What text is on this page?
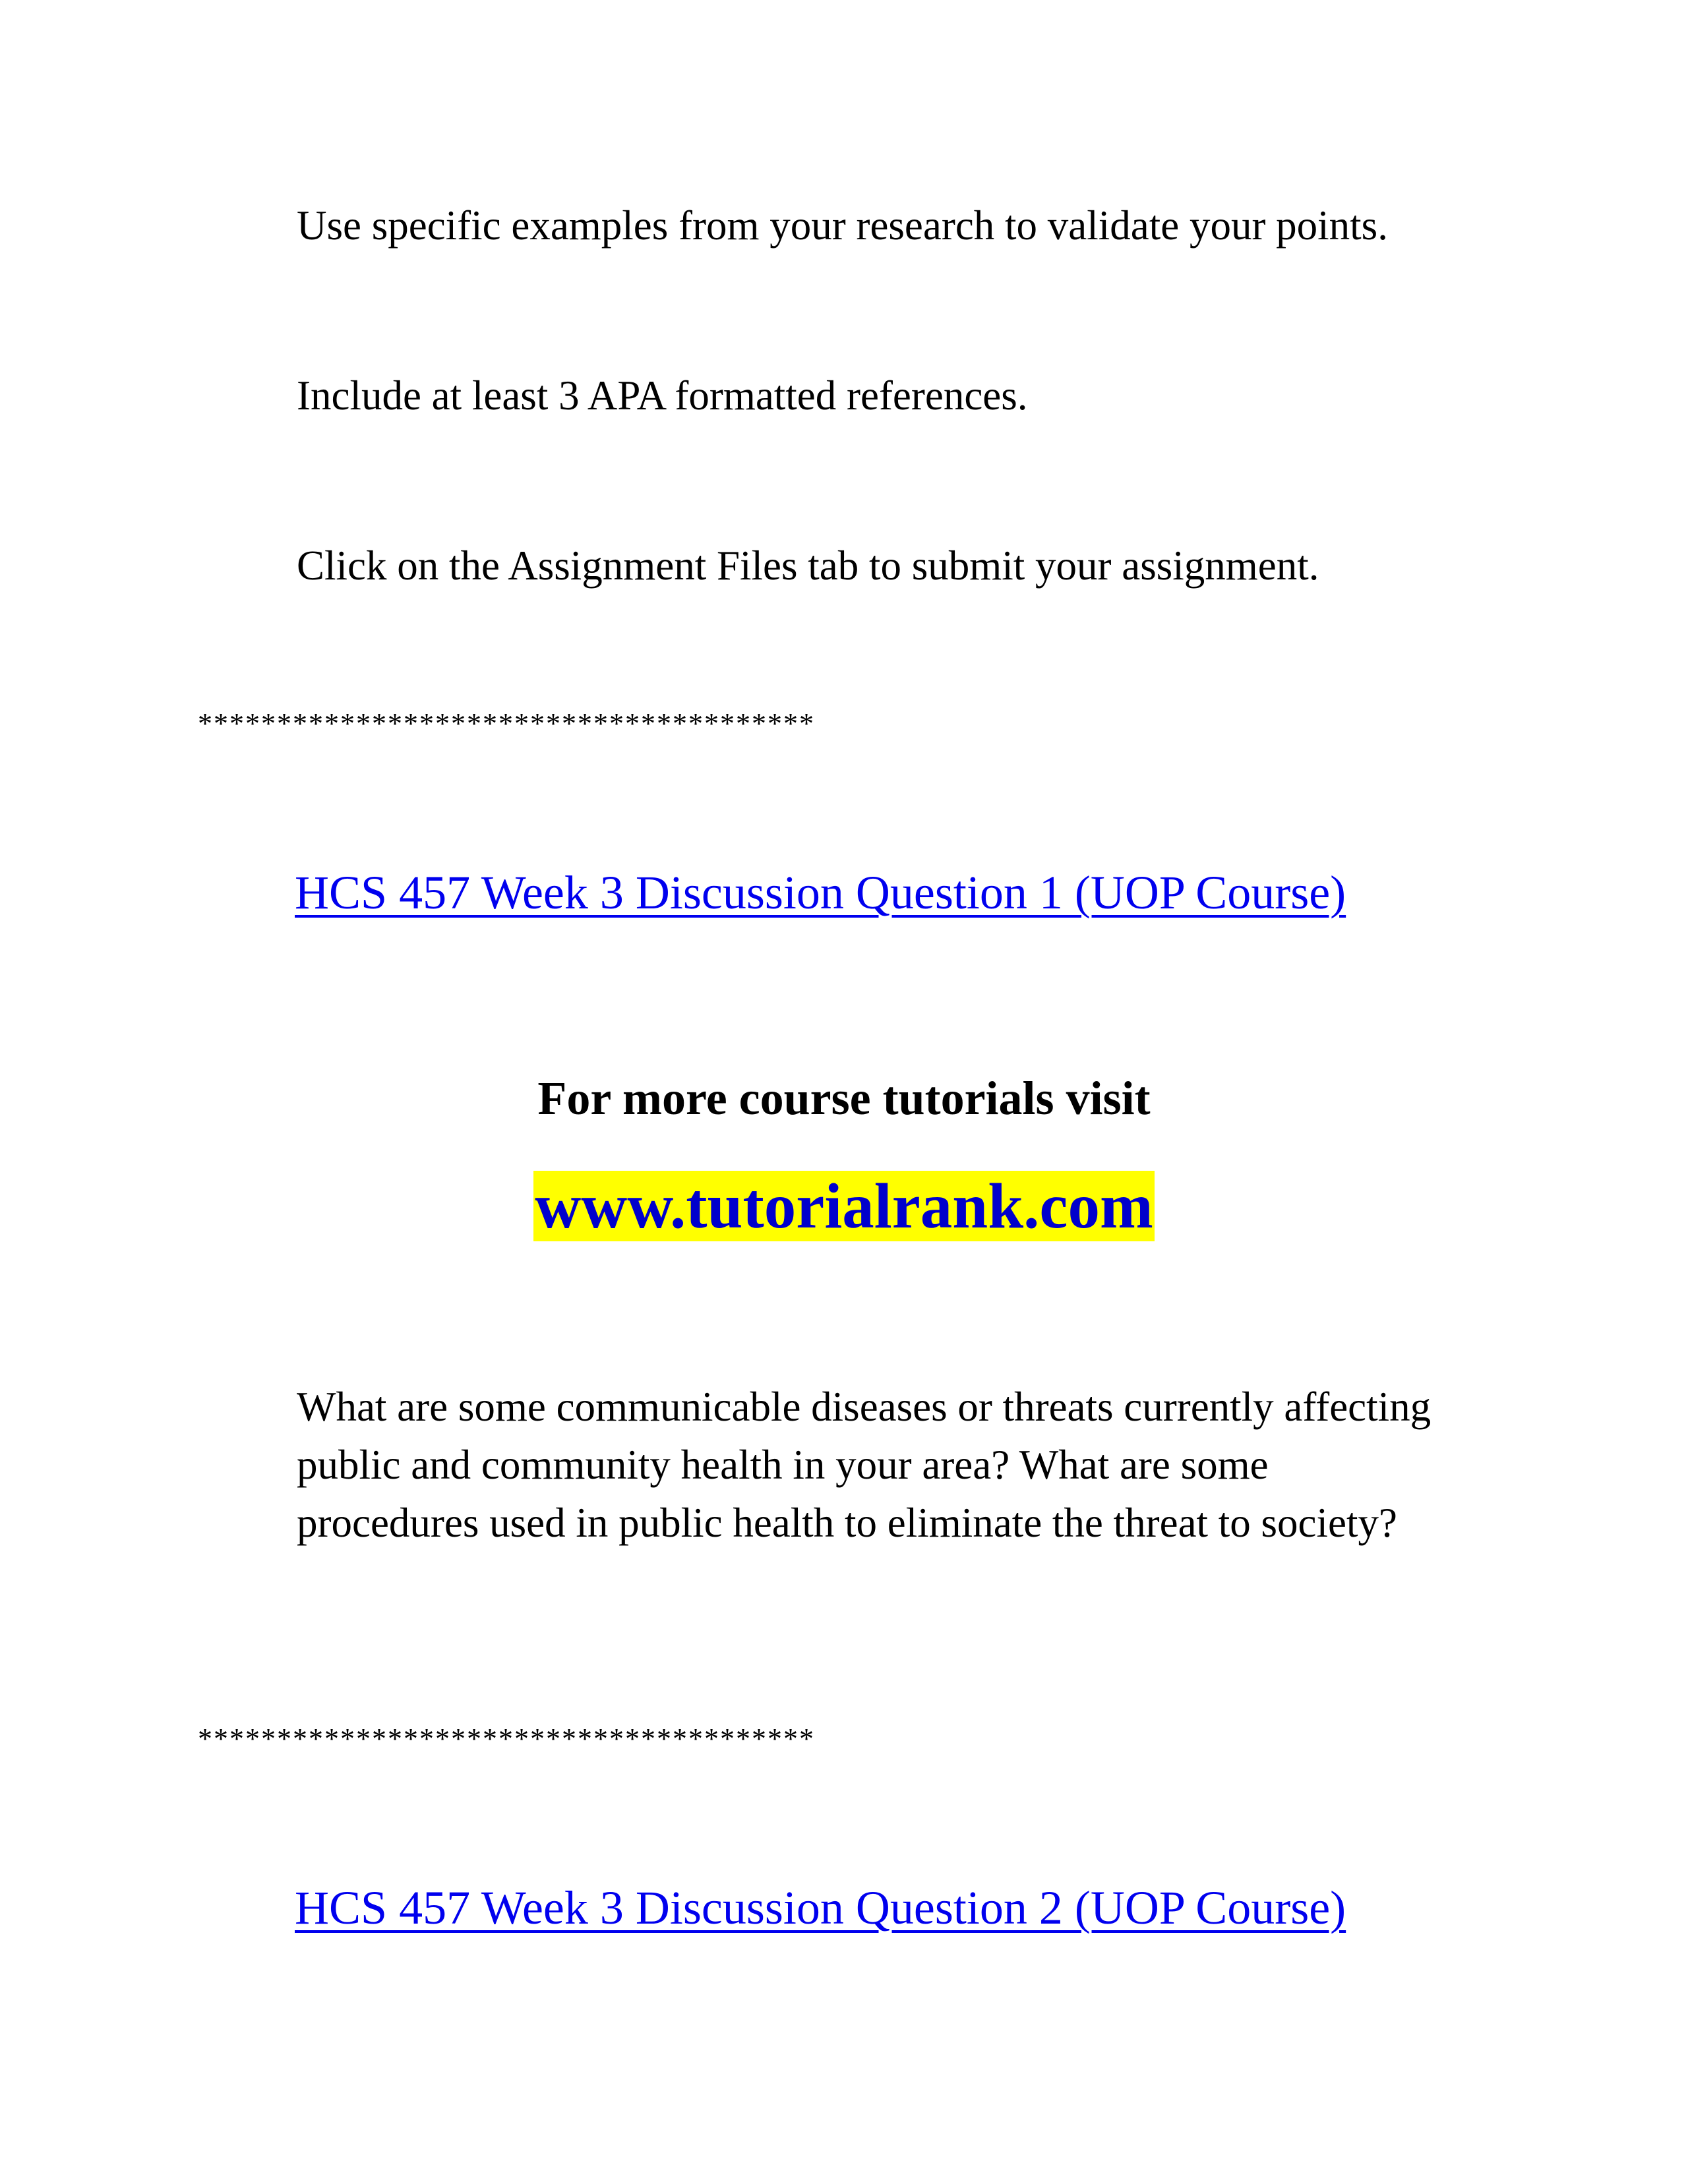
Use specific examples from your research to validate your points.

Include at least 3 APA formatted references.

Click on the Assignment Files tab to submit your assignment.

***************************************

HCS 457 Week 3 Discussion Question 1 (UOP Course)

For more course tutorials visit

www.tutorialrank.com

What are some communicable diseases or threats currently affecting public and community health in your area? What are some procedures used in public health to eliminate the threat to society?

***************************************

HCS 457 Week 3 Discussion Question 2 (UOP Course)
